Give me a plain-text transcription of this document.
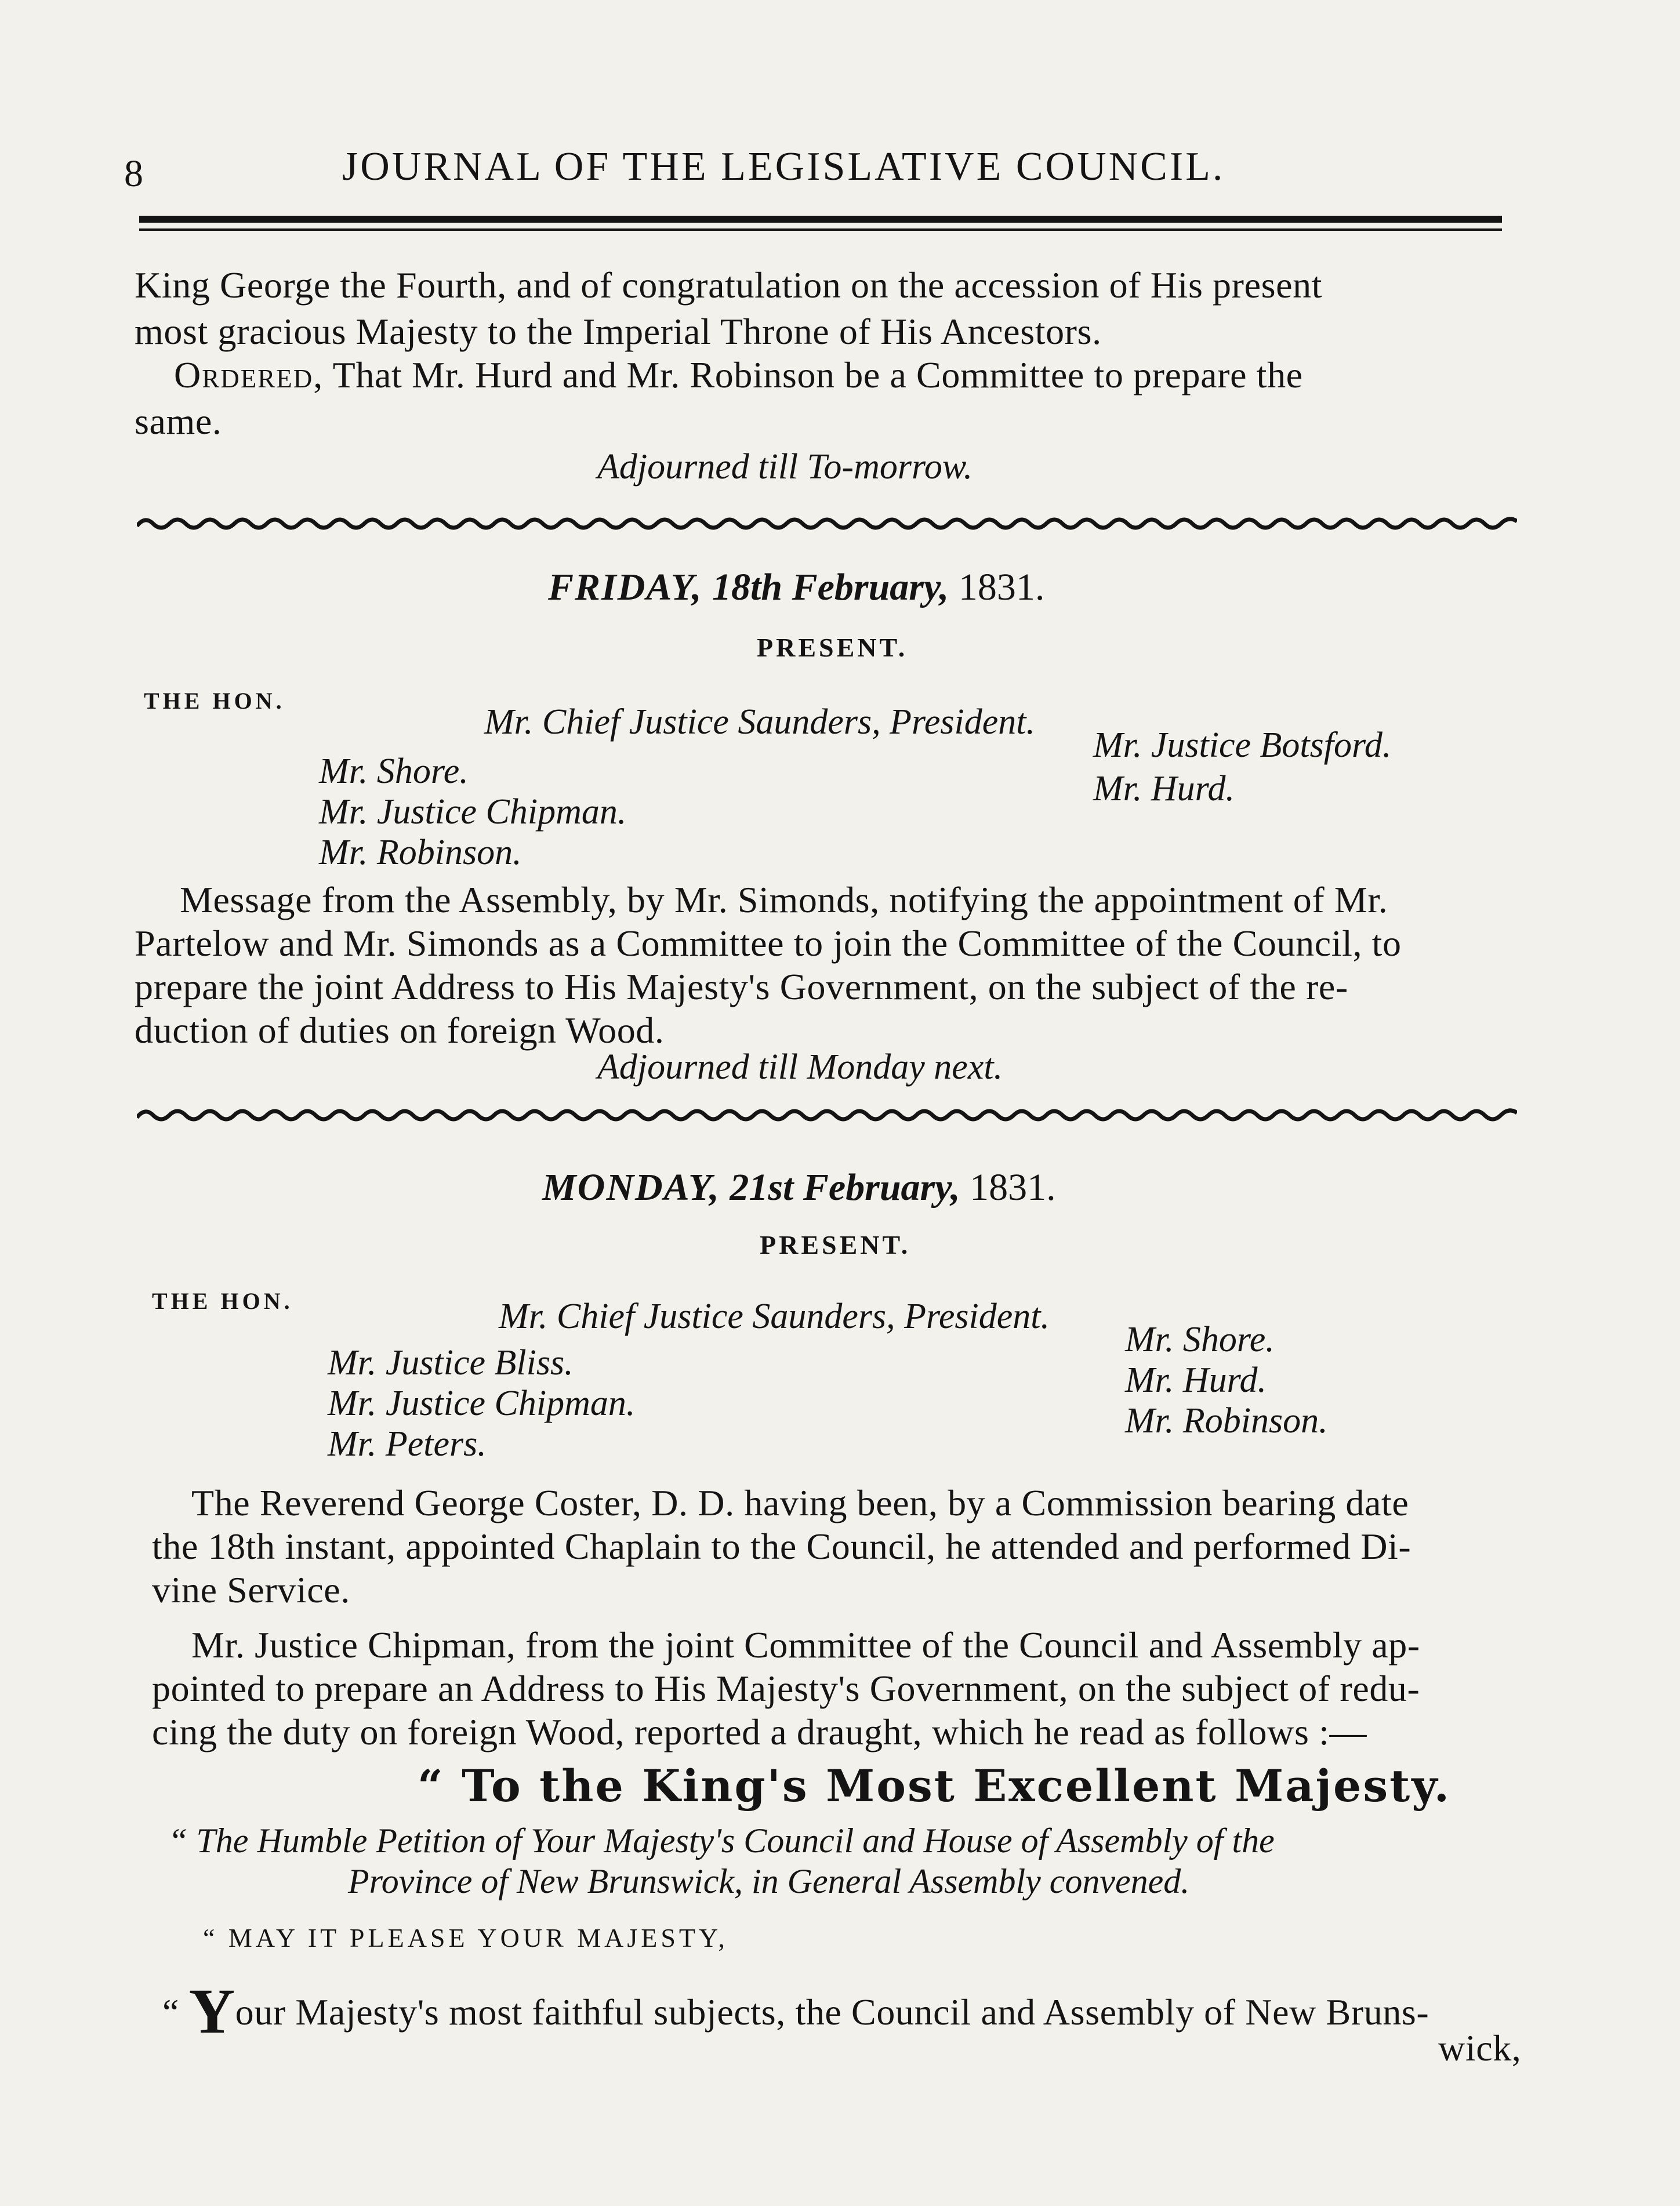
8	JOURNAL OF THE LEGISLATIVE COUNCIL.
King George the Fourth, and of congratulation on the accession of His present
most gracious Majesty to the Imperial Throne of His Ancestors.
Ordered, That Mr. Hurd and Mr. Robinson be a Committee to prepare the
same.
Adjourned till To-morrow.
FRIDAY, 18th February, 1831.
PRESENT.
THE HON.
Mr. Chief Justice Saunders, President.
Mr. Justice Botsford.
Mr. Hurd.
Mr. Shore.
Mr. Justice Chipman.
Mr. Robinson.
Message from the Assembly, by Mr. Simonds, notifying the appointment of Mr.
Partelow and Mr. Simonds as a Committee to join the Committee of the Council, to
prepare the joint Address to His Majesty's Government, on the subject of the re-
duction of duties on foreign Wood.
Adjourned till Monday next.
MONDAY, 21st February, 1831.
PRESENT.
THE HON.	Mr. Chief Justice Saunders, President.
Mr. Shore.
Mr. Hurd.
Mr. Robinson.
Mr. Justice Bliss.
Mr. Justice Chipman.
Mr. Peters.
The Reverend George Coster, D. D. having been, by a Commission bearing date
the 18th instant, appointed Chaplain to the Council, he attended and performed Di-
vine Service.
Mr. Justice Chipman, from the joint Committee of the Council and Assembly ap-
pointed to prepare an Address to His Majesty's Government, on the subject of redu-
cing the duty on foreign Wood, reported a draught, which he read as follows :—
“ To the King's Most Excellent Majesty.
“ The Humble Petition of Your Majesty's Council and House of Assembly of the
Province of New Brunswick, in General Assembly convened.
“ MAY IT PLEASE YOUR MAJESTY,
“ Your Majesty's most faithful subjects, the Council and Assembly of New Bruns-
wick,
